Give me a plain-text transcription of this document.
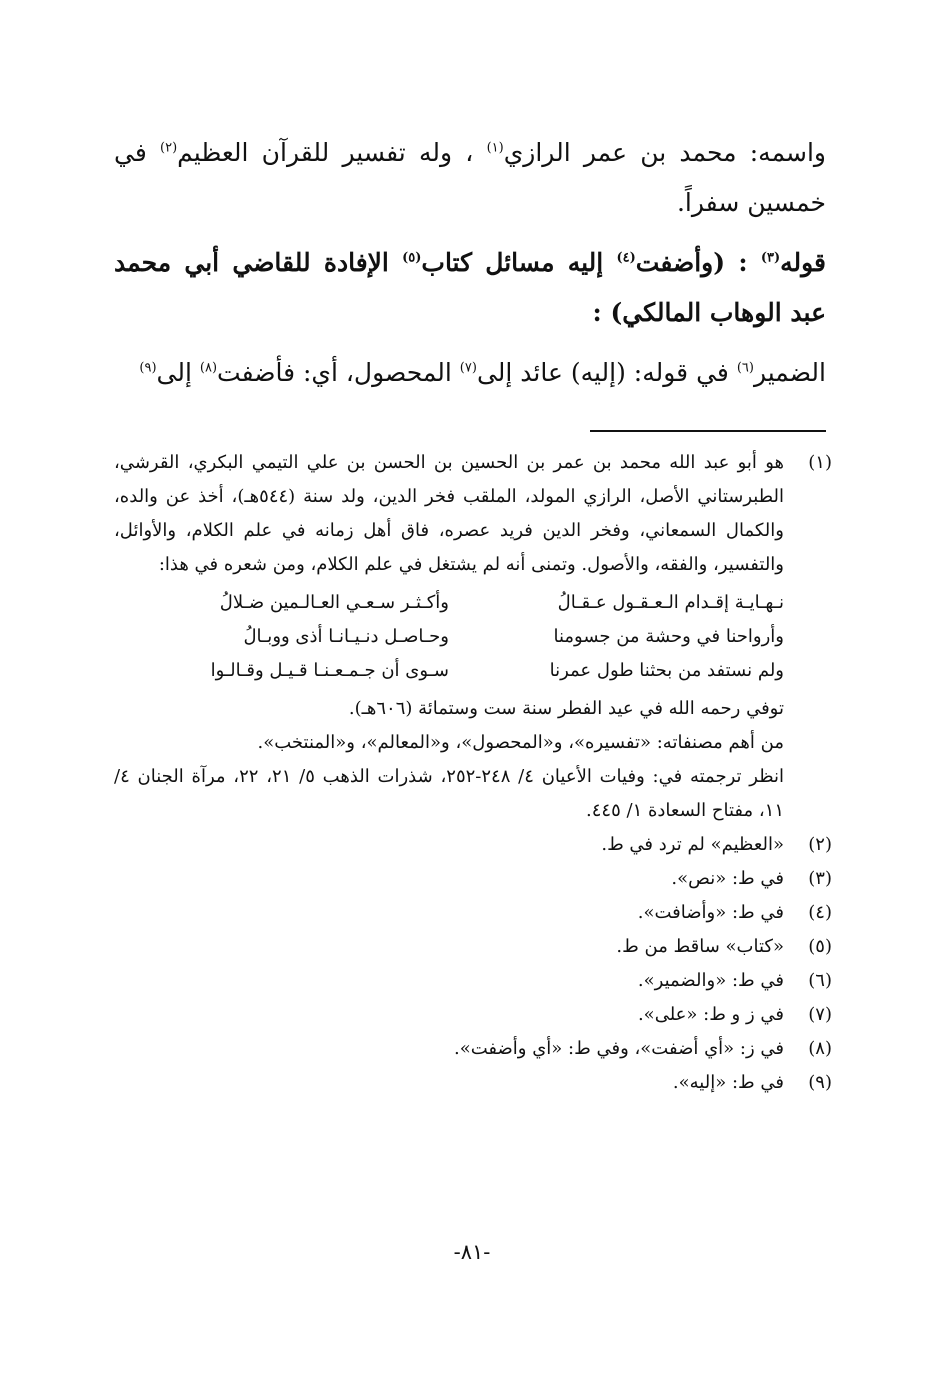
واسمه: محمد بن عمر الرازي$^{(١)}$ ، وله تفسير للقرآن العظيم$^{(٢)}$ في خمسين سفراً.

قوله$^{(٣)}$ : (وأضفت$^{(٤)}$ إليه مسائل كتاب$^{(٥)}$ الإفادة للقاضي أبي محمد عبد الوهاب المالكي) :

الضمير$^{(٦)}$ في قوله: (إليه) عائد إلى$^{(٧)}$ المحصول، أي: فأضفت$^{(٨)}$ إلى$^{(٩)}$

(١)

هو أبو عبد الله محمد بن عمر بن الحسين بن الحسن بن علي التيمي البكري، القرشي، الطبرستاني الأصل، الرازي المولد، الملقب فخر الدين، ولد سنة (٥٤٤هـ)، أخذ عن والده، والكمال السمعاني، وفخر الدين فريد عصره، فاق أهل زمانه في علم الكلام، والأوائل، والتفسير، والفقه، والأصول. وتمنى أنه لم يشتغل في علم الكلام، ومن شعره في هذا:

نـهـايـة إقـدام الـعـقـول عـقـالُ
وأكـثـر سـعـي العـالـمين ضـلالُ
وأرواحنا في وحشة من جسومنا
وحـاصـل دنـيـانـا أذى ووبـالُ
ولم نستفد من بحثنا طول عمرنا
سـوى أن جـمـعـنـا قـيـل وقـالـوا

توفي رحمه الله في عيد الفطر سنة ست وستمائة (٦٠٦هـ).

من أهم مصنفاته: «تفسيره»، و«المحصول»، و«المعالم»، و«المنتخب».

انظر ترجمته في: وفيات الأعيان ٤/ ٢٤٨-٢٥٢، شذرات الذهب ٥/ ٢١، ٢٢، مرآة الجنان ٤/ ١١، مفتاح السعادة ١/ ٤٤٥.

(٢)
«العظيم» لم ترد في ط.
(٣)
في ط: «نص».
(٤)
في ط: «وأضافت».
(٥)
«كتاب» ساقط من ط.
(٦)
في ط: «والضمير».
(٧)
في ز و ط: «على».
(٨)
في ز: «أي أضفت»، وفي ط: «أي وأضفت».
(٩)
في ط: «إليه».
-٨١-
